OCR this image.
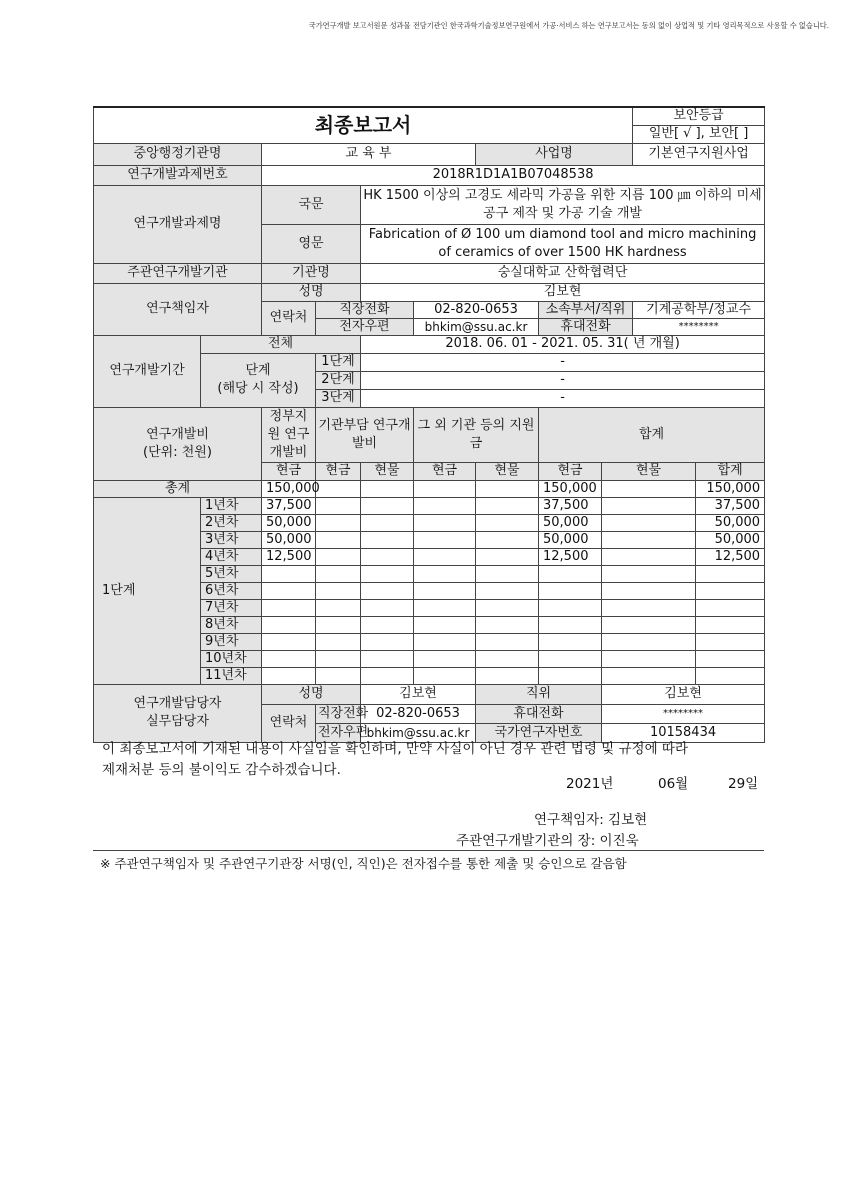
국가연구개발 보고서원문 성과물 전담기관인 한국과학기술정보연구원에서 가공·서비스 하는 연구보고서는 동의 없이 상업적 및 기타 영리목적으로 사용할 수 없습니다.
최종보고서									보안등급	
									일반[ √ ], 보안[ ]	
중앙행정기관명		교 육 부				사업명			기본연구지원사업	
연구개발과제번호		2018R1D1A1B07048538								
연구개발과제명		국문		HK 1500 이상의 고경도 세라믹 가공을 위한 지름 100 ㎛ 이하의 미세 공구 제작 및 가공 기술 개발						
		영문		Fabrication of Ø 100 um diamond tool and micro machining of ceramics of over 1500 HK hardness						
주관연구개발기관		기관명		숭실대학교 산학협력단						
연구책임자		성명		김보현						
		연락처	직장전화		02-820-0653		소속부서/직위		기계공학부/정교수	
			전자우편		bhkim@ssu.ac.kr		휴대전화		********	
연구개발기간	전체			2018. 06. 01 - 2021. 05. 31( 년 개월)						
	단계
(해당 시 작성)		1단계	-						
			2단계	-						
			3단계	-						
연구개발비
(단위: 천원)		정부지원 연구개발비	기관부담 연구개발비		그 외 기관 등의 지원금		합계			
		현금	현금	현물	현금	현물	현금	현물		합계
총계		150,000					150,000			150,000
1단계	1년차	37,500					37,500			37,500
	2년차	50,000					50,000			50,000
	3년차	50,000					50,000			50,000
	4년차	12,500					12,500			12,500
	5년차									
	6년차									
	7년차									
	8년차									
	9년차									
	10년차									
	11년차									
연구개발담당자
실무담당자		성명		김보현		직위		김보현		
		연락처	직장전화	02-820-0653		휴대전화		********		
			전자우편	bhkim@ssu.ac.kr		국가연구자번호		10158434		
이 최종보고서에 기재된 내용이 사실임을 확인하며, 만약 사실이 아닌 경우 관련 법령 및 규정에 따라
제재처분 등의 불이익도 감수하겠습니다.
2021년	06월	29일
연구책임자: 김보현
주관연구개발기관의 장: 이진욱
※ 주관연구책임자 및 주관연구기관장 서명(인, 직인)은 전자접수를 통한 제출 및 승인으로 갈음함
